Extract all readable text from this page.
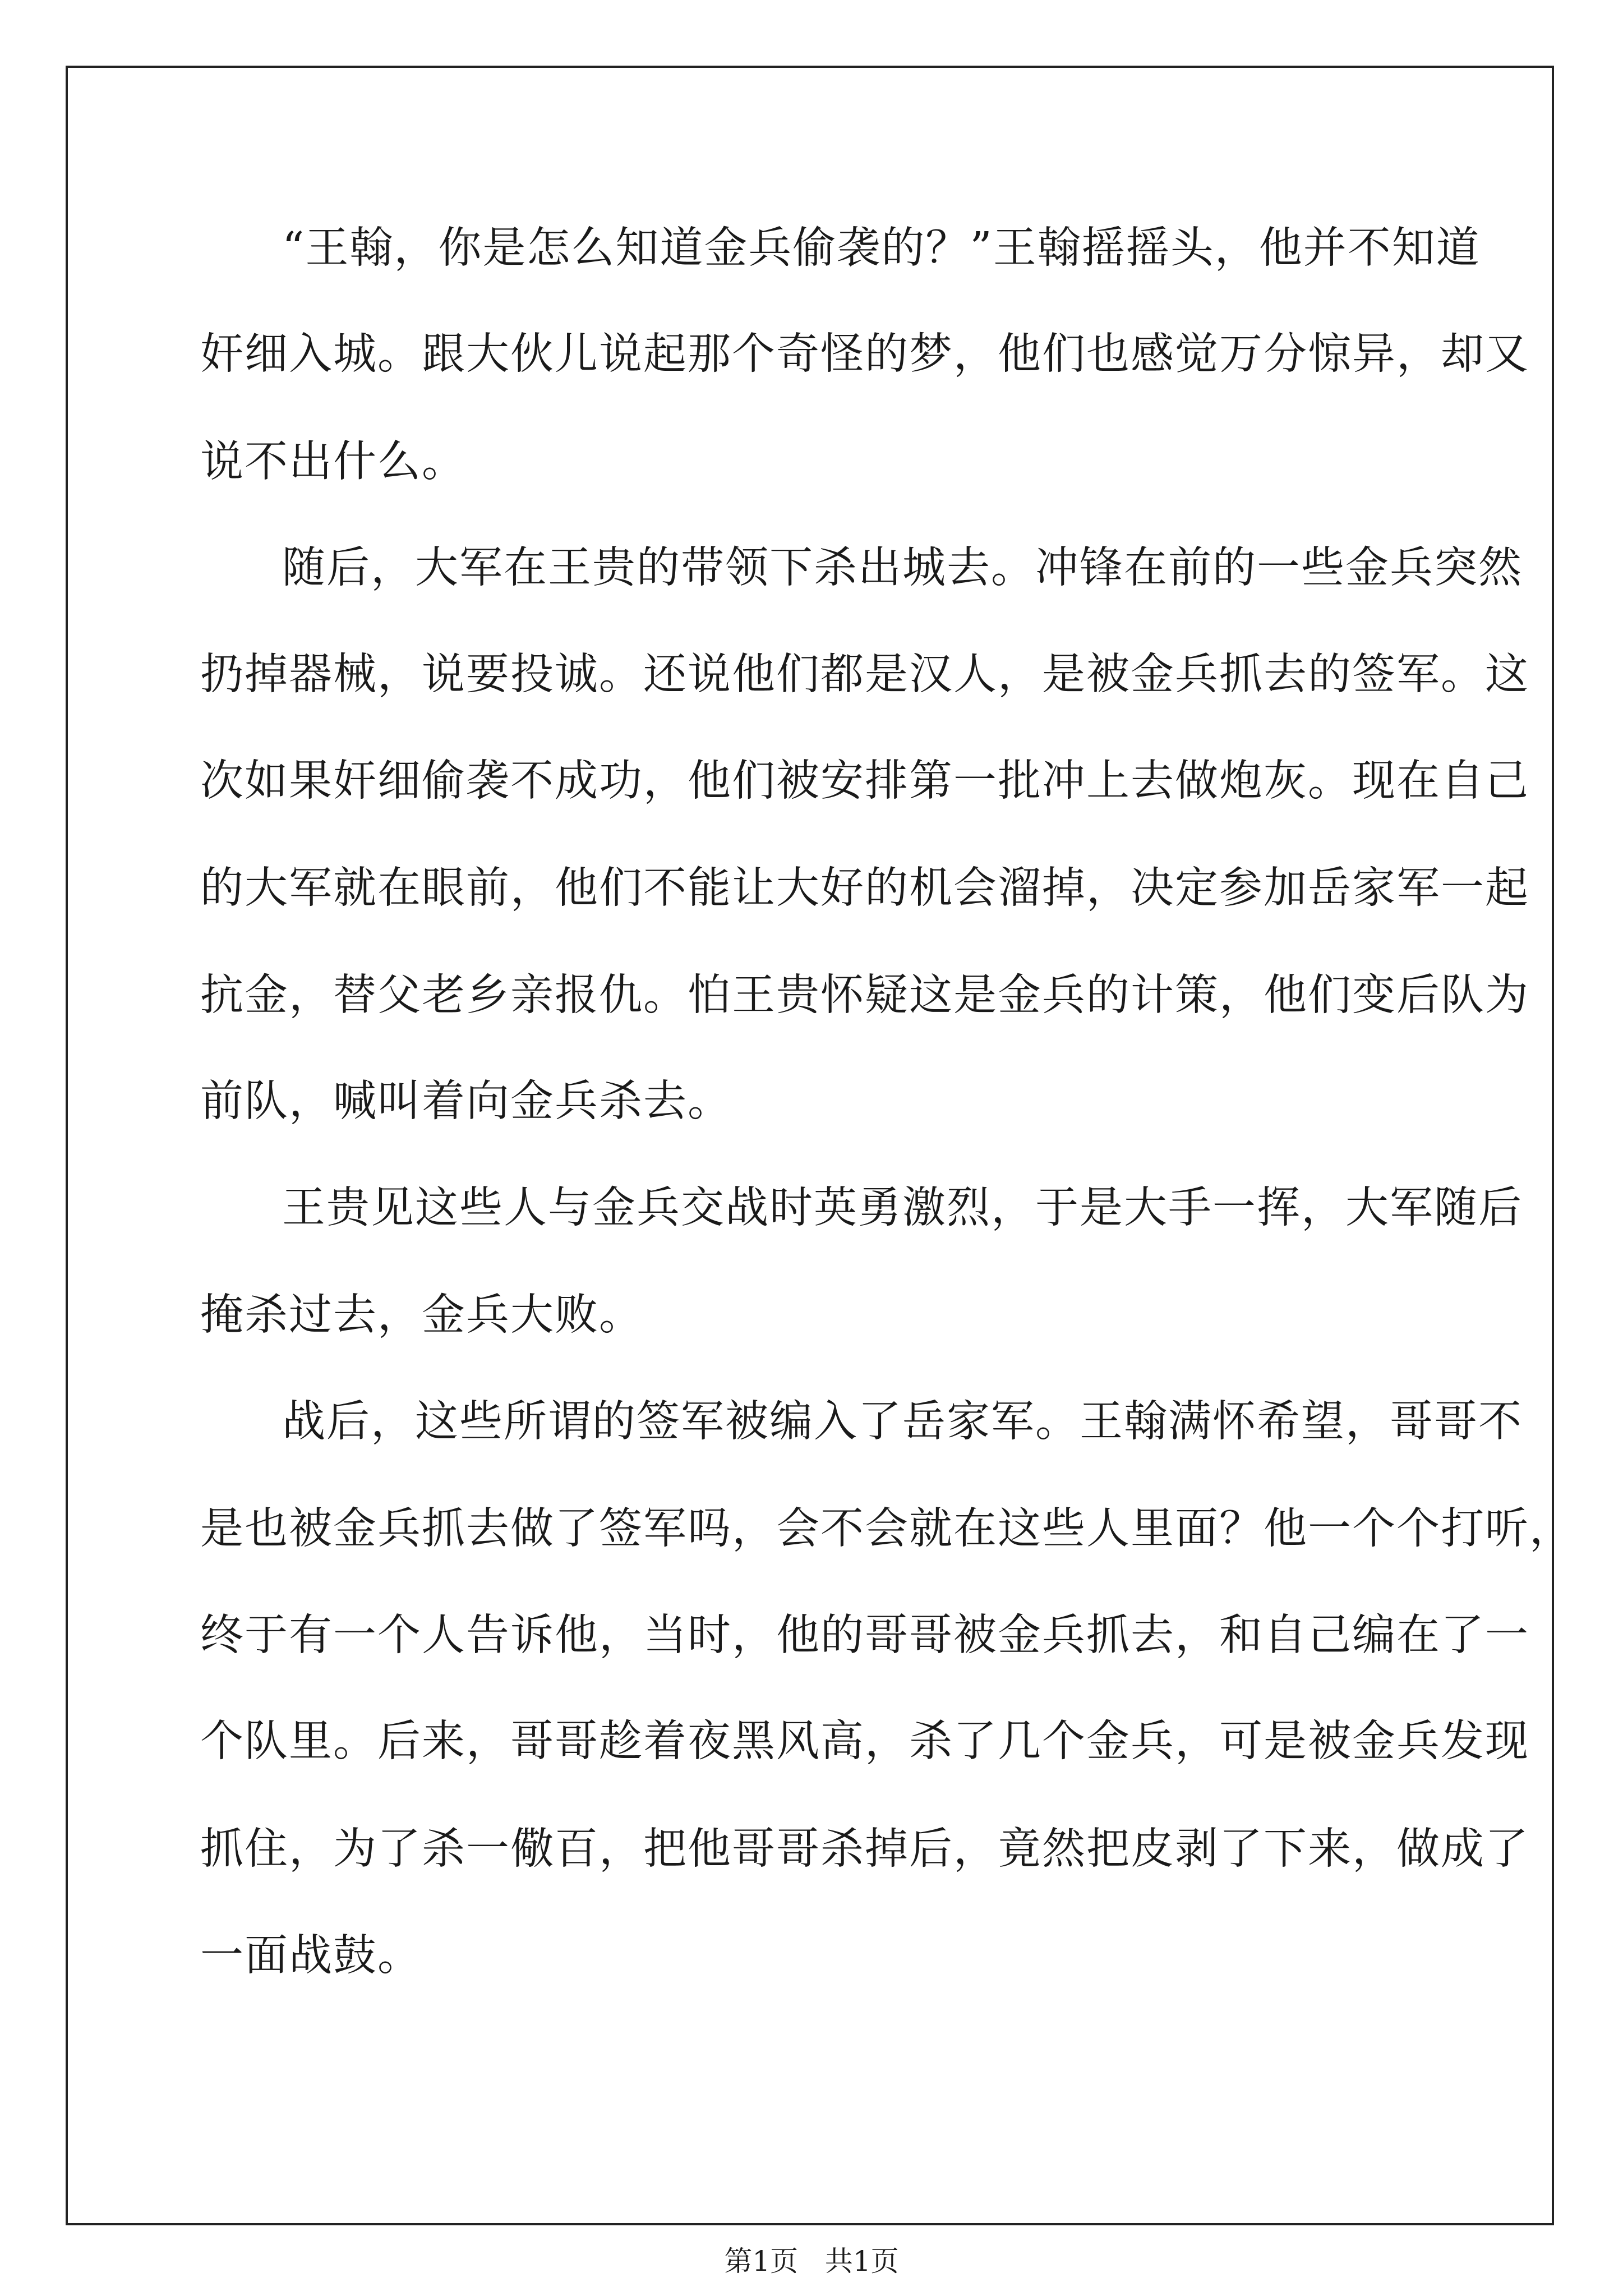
“王翰，你是怎么知道金兵偷袭的？”王翰摇摇头，他并不知道
奸细入城。跟大伙儿说起那个奇怪的梦，他们也感觉万分惊异，却又
说不出什么。
随后，大军在王贵的带领下杀出城去。冲锋在前的一些金兵突然
扔掉器械，说要投诚。还说他们都是汉人，是被金兵抓去的签军。这
次如果奸细偷袭不成功，他们被安排第一批冲上去做炮灰。现在自己
的大军就在眼前，他们不能让大好的机会溜掉，决定参加岳家军一起
抗金，替父老乡亲报仇。怕王贵怀疑这是金兵的计策，他们变后队为
前队，喊叫着向金兵杀去。
王贵见这些人与金兵交战时英勇激烈，于是大手一挥，大军随后
掩杀过去，金兵大败。
战后，这些所谓的签军被编入了岳家军。王翰满怀希望，哥哥不
是也被金兵抓去做了签军吗，会不会就在这些人里面？他一个个打听，
终于有一个人告诉他，当时，他的哥哥被金兵抓去，和自己编在了一
个队里。后来，哥哥趁着夜黑风高，杀了几个金兵，可是被金兵发现
抓住，为了杀一儆百，把他哥哥杀掉后，竟然把皮剥了下来，做成了
一面战鼓。
第1页 共1页
